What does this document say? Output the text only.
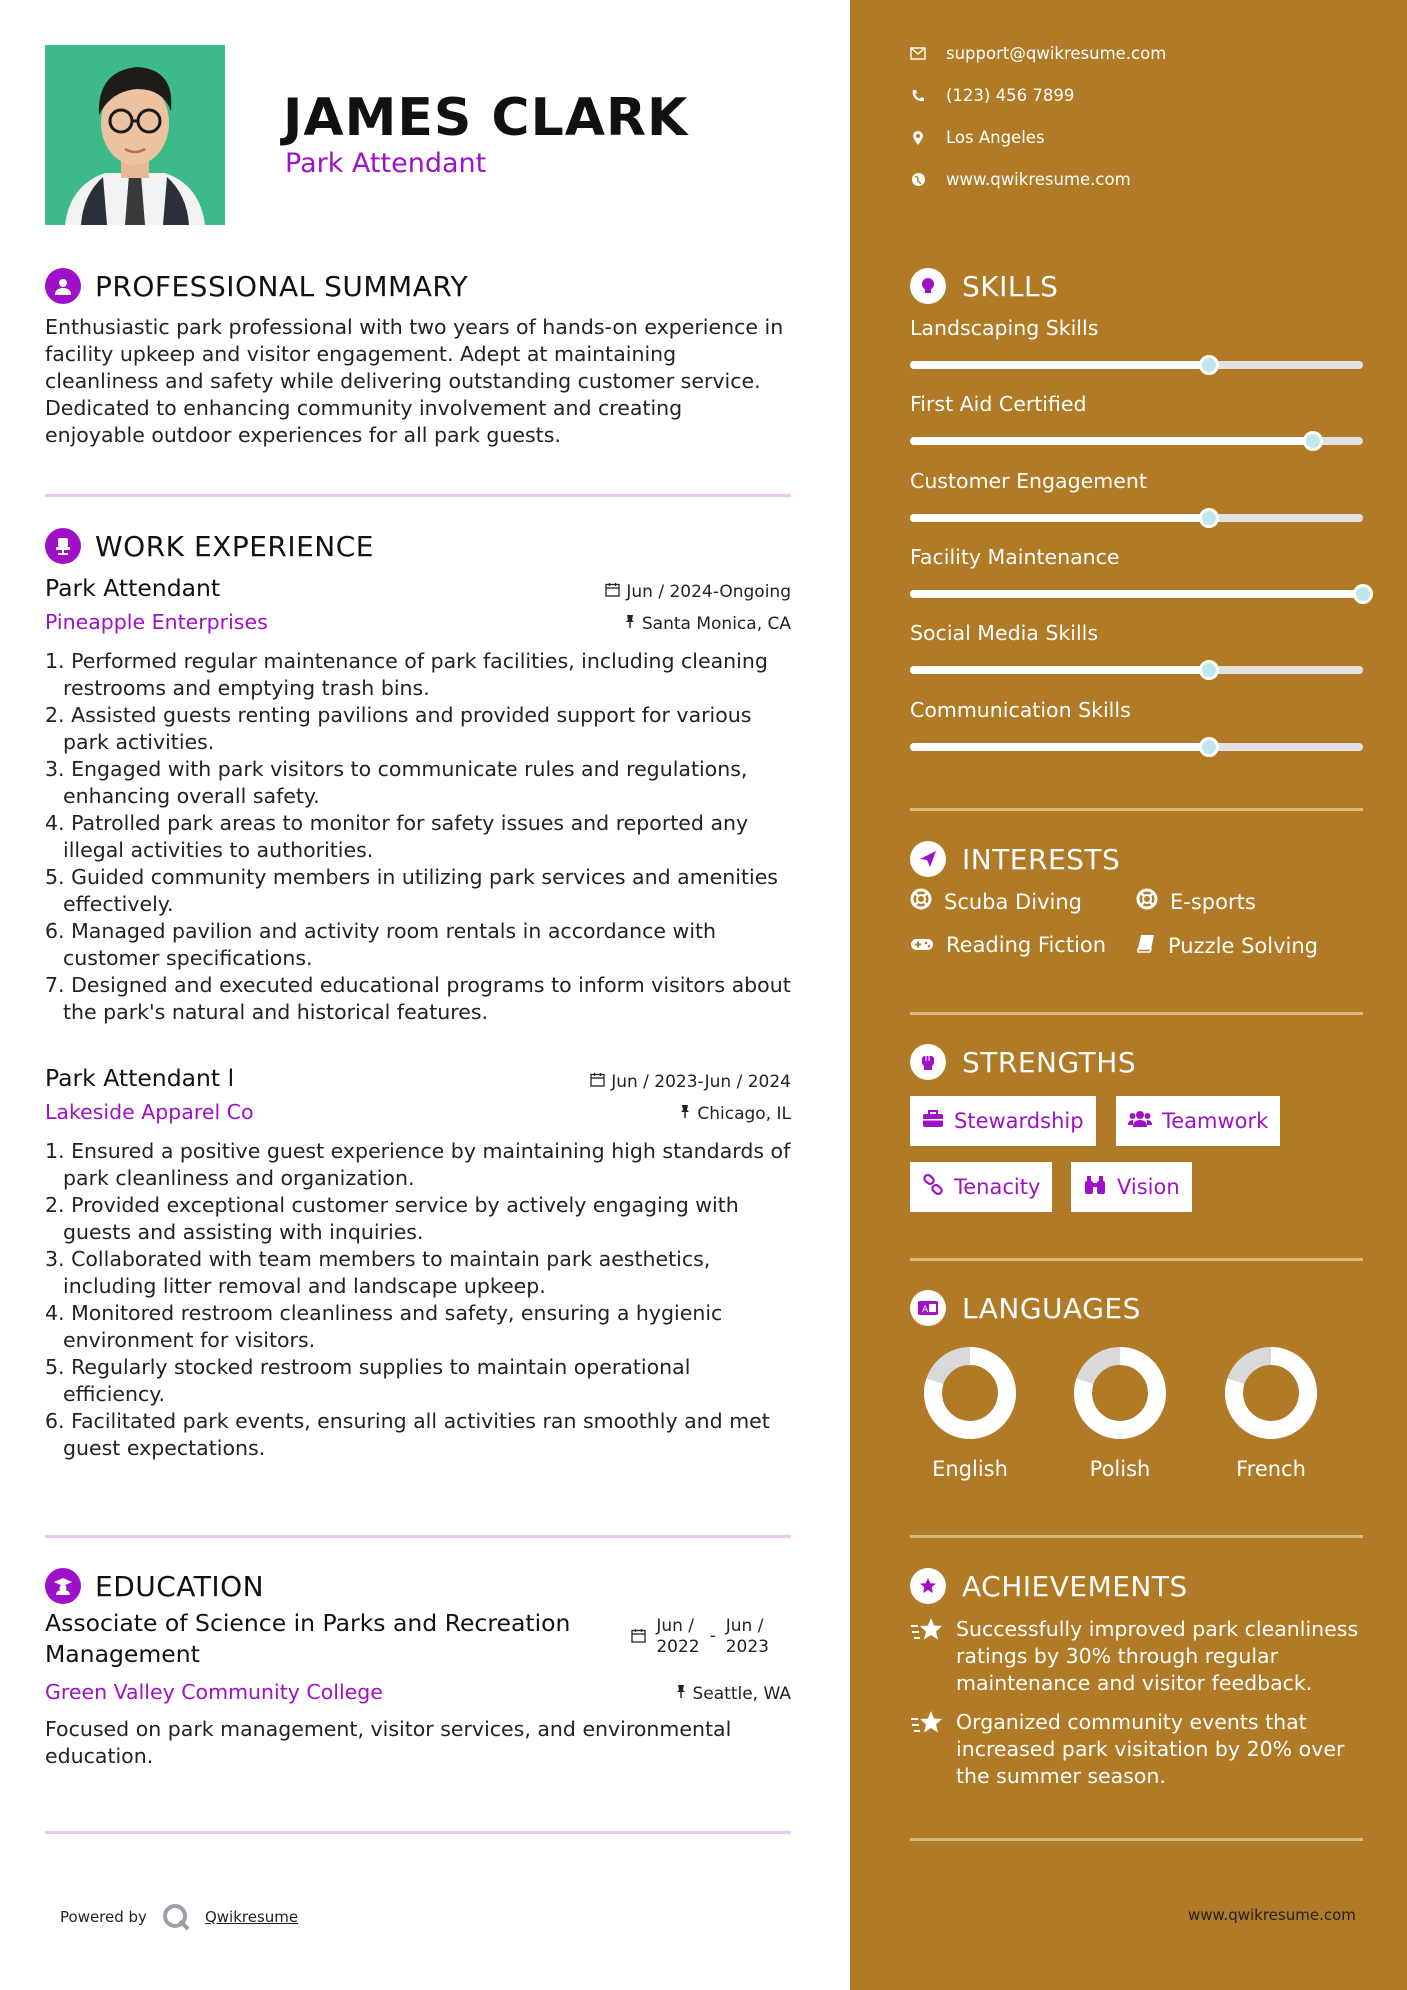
JAMES CLARK
Park Attendant
PROFESSIONAL SUMMARY
Enthusiastic park professional with two years of hands-on experience in facility upkeep and visitor engagement. Adept at maintaining cleanliness and safety while delivering outstanding customer service. Dedicated to enhancing community involvement and creating enjoyable outdoor experiences for all park guests.
WORK EXPERIENCE
Park Attendant
Pineapple Enterprises
Jun / 2024-Ongoing
Santa Monica, CA
1. Performed regular maintenance of park facilities, including cleaning restrooms and emptying trash bins.
2. Assisted guests renting pavilions and provided support for various park activities.
3. Engaged with park visitors to communicate rules and regulations, enhancing overall safety.
4. Patrolled park areas to monitor for safety issues and reported any illegal activities to authorities.
5. Guided community members in utilizing park services and amenities effectively.
6. Managed pavilion and activity room rentals in accordance with customer specifications.
7. Designed and executed educational programs to inform visitors about the park's natural and historical features.
Park Attendant l
Lakeside Apparel Co
Jun / 2023-Jun / 2024
Chicago, IL
1. Ensured a positive guest experience by maintaining high standards of park cleanliness and organization.
2. Provided exceptional customer service by actively engaging with guests and assisting with inquiries.
3. Collaborated with team members to maintain park aesthetics, including litter removal and landscape upkeep.
4. Monitored restroom cleanliness and safety, ensuring a hygienic environment for visitors.
5. Regularly stocked restroom supplies to maintain operational efficiency.
6. Facilitated park events, ensuring all activities ran smoothly and met guest expectations.
EDUCATION
Associate of Science in Parks and Recreation Management
Green Valley Community College
Focused on park management, visitor services, and environmental education.
Jun /
2022
- Jun /
2023
Seattle, WA
Powered by	Qwikresume
support@qwikresume.com
(123) 456 7899
Los Angeles
www.qwikresume.com
SKILLS
Landscaping Skills
First Aid Certified
Customer Engagement
Facility Maintenance
Social Media Skills
Communication Skills
INTERESTS
Scuba Diving	E-sports
Reading Fiction	Puzzle Solving
STRENGTHS
Stewardship	Teamwork
Tenacity	Vision
A LANGUAGES
English	Polish	French
ACHIEVEMENTS
Successfully improved park cleanliness ratings by 30% through regular maintenance and visitor feedback.
Organized community events that increased park visitation by 20% over the summer season.
www.qwikresume.com
